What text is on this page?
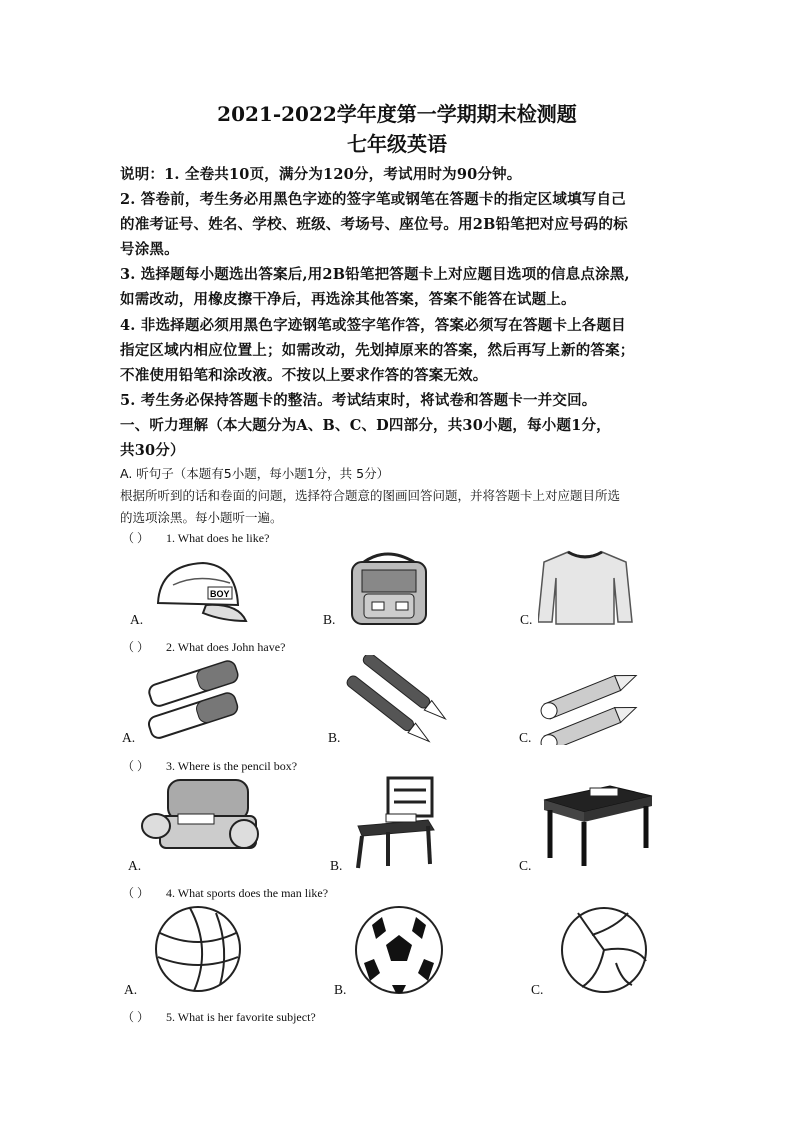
2021-2022学年度第一学期期末检测题
七年级英语
说明：1. 全卷共10页，满分为120分，考试用时为90分钟。
2. 答卷前，考生务必用黑色字迹的签字笔或钢笔在答题卡的指定区域填写自己
的准考证号、姓名、学校、班级、考场号、座位号。用2B铅笔把对应号码的标
号涂黑。
3. 选择题每小题选出答案后,用2B铅笔把答题卡上对应题目选项的信息点涂黑,
如需改动，用橡皮擦干净后，再选涂其他答案，答案不能答在试题上。
4. 非选择题必须用黑色字迹钢笔或签字笔作答，答案必须写在答题卡上各题目
指定区域内相应位置上；如需改动，先划掉原来的答案，然后再写上新的答案；
不准使用铅笔和涂改液。不按以上要求作答的答案无效。
5. 考生务必保持答题卡的整洁。考试结束时，将试卷和答题卡一并交回。
一、听力理解（本大题分为A、B、C、D四部分，共30小题，每小题1分，
共30分）
A. 听句子（本题有5小题，每小题1分，共 5分）
根据所听到的话和卷面的问题，选择符合题意的图画回答问题，并将答题卡上对应题目所选
的选项涂黑。每小题听一遍。
（ ） 1. What does he like?
BOY
A.	B.	C.
（ ） 2. What does John have?
A.	B.	C.
（ ） 3. Where is the pencil box?
A.	B.	C.
（ ） 4. What sports does the man like?
A.	B.	C.
（ ） 5. What is her favorite subject?
